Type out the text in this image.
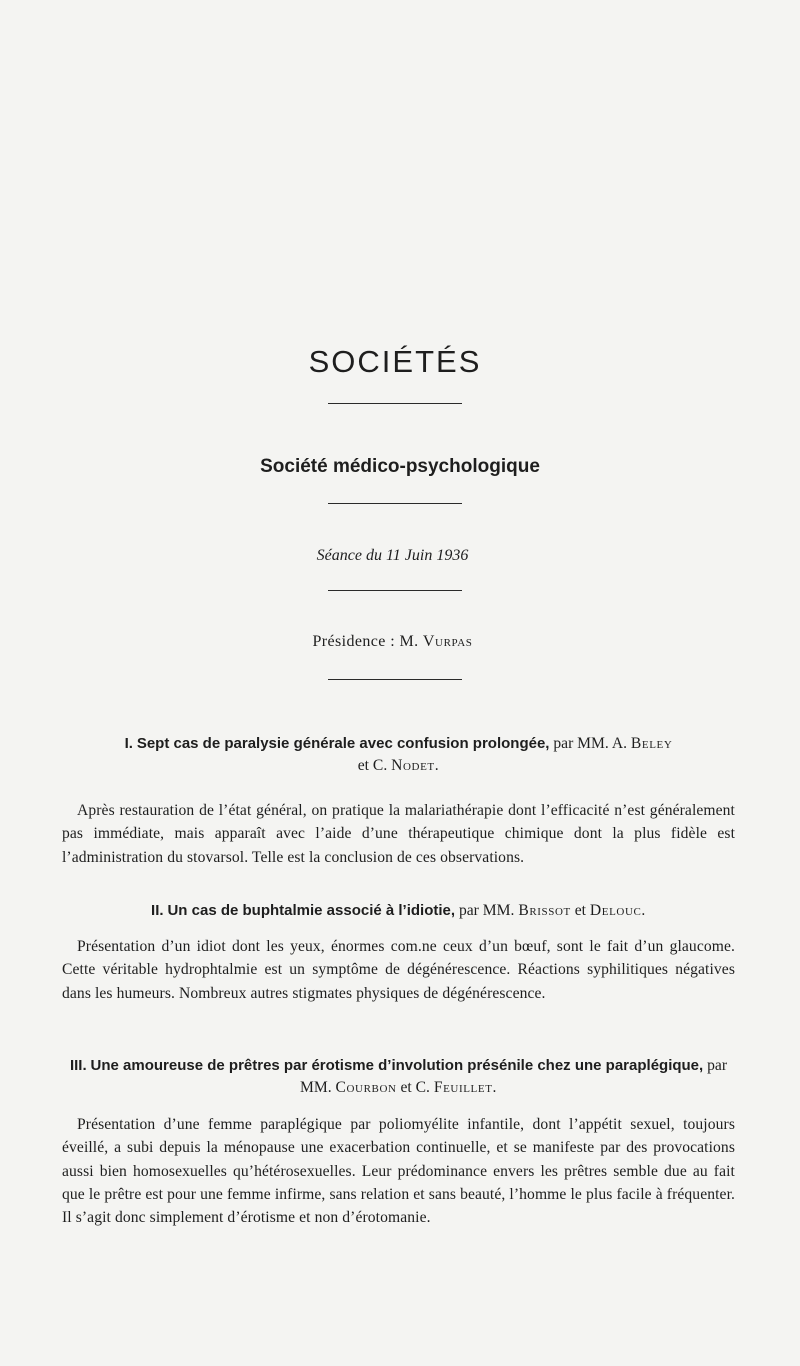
SOCIÉTÉS
Société médico-psychologique
Séance du 11 Juin 1936
Présidence : M. Vurpas

I. Sept cas de paralysie générale avec confusion prolongée, par MM. A. Beley
et C. Nodet.

Après restauration de l’état général, on pratique la malariathérapie dont l’efficacité n’est généralement pas immédiate, mais apparaît avec l’aide d’une thérapeutique chimique dont la plus fidèle est l’administration du stovarsol. Telle est la conclusion de ces observations.

II. Un cas de buphtalmie associé à l’idiotie, par MM. Brissot et Delouc.

Présentation d’un idiot dont les yeux, énormes com.ne ceux d’un bœuf, sont le fait d’un glaucome. Cette véritable hydrophtalmie est un symptôme de dégénérescence. Réactions syphilitiques négatives dans les humeurs. Nombreux autres stigmates physiques de dégénérescence.

III. Une amoureuse de prêtres par érotisme d’involution présénile chez une paraplégique, par MM. Courbon et C. Feuillet.

Présentation d’une femme paraplégique par poliomyélite infantile, dont l’appétit sexuel, toujours éveillé, a subi depuis la ménopause une exacerbation continuelle, et se manifeste par des provocations aussi bien homosexuelles qu’hétérosexuelles. Leur prédominance envers les prêtres semble due au fait que le prêtre est pour une femme infirme, sans relation et sans beauté, l’homme le plus facile à fréquenter. Il s’agit donc simplement d’érotisme et non d’érotomanie.
